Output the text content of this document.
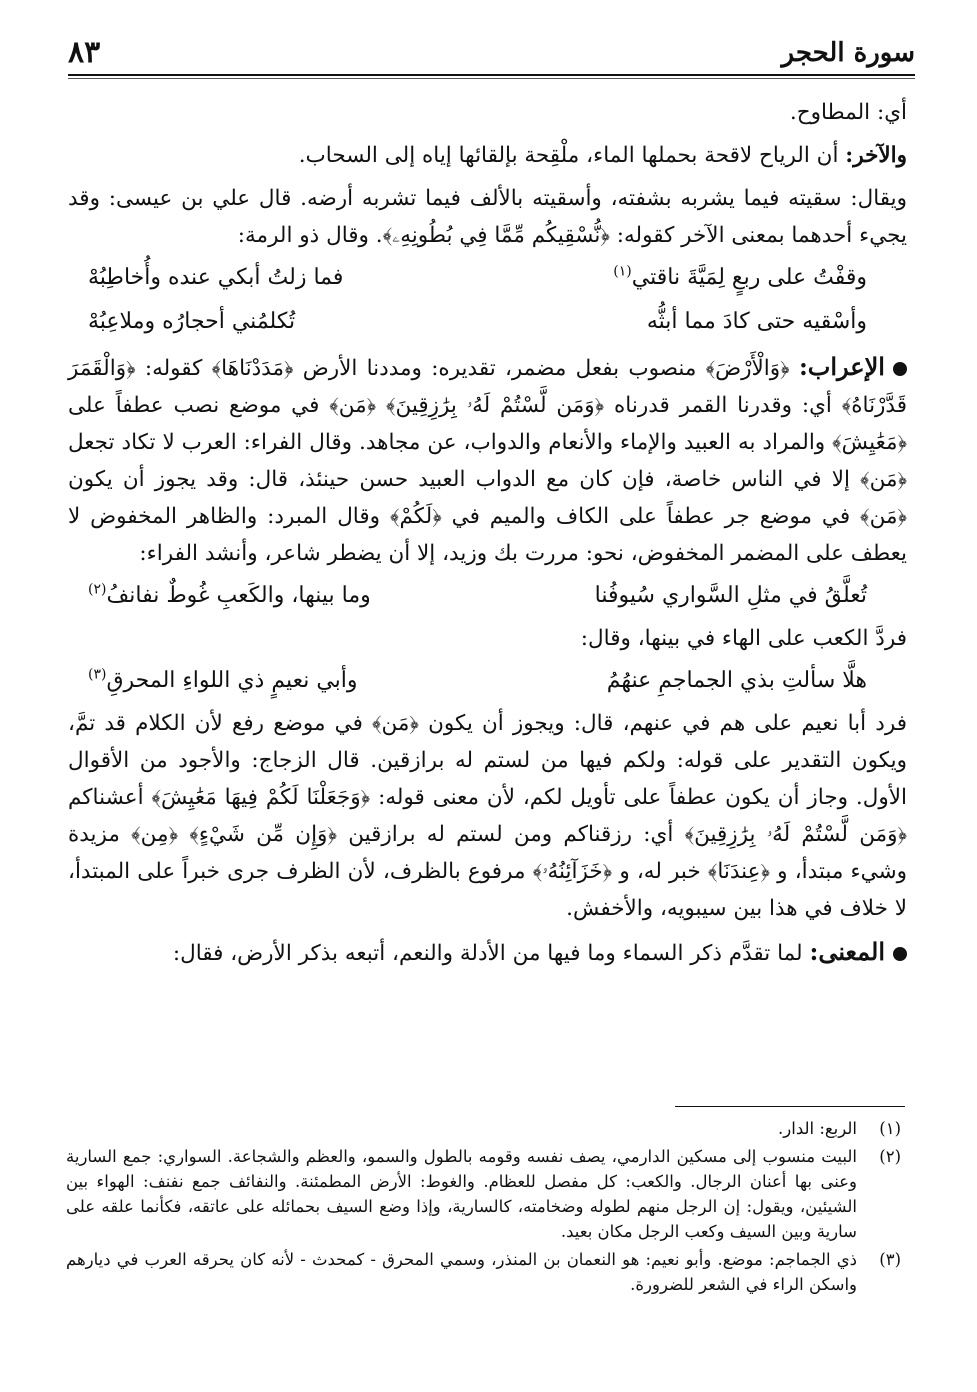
سورة الحجر
٨٣

أي: المطاوح.

والآخر: أن الرياح لاقحة بحملها الماء، ملْقِحة بإلقائها إياه إلى السحاب.

ويقال: سقيته فيما يشربه بشفته، وأسقيته بالألف فيما تشربه أرضه. قال علي بن عيسى: وقد يجيء أحدهما بمعنى الآخر كقوله: ﴿نُّسْقِيكُم مِّمَّا فِي بُطُونِهِۦ﴾. وقال ذو الرمة:

وقفْتُ على ربعٍ لِمَيَّةَ ناقتي$^{(١)}$
فما زلتُ أبكي عنده وأُخاطِبُهْ
وأسْقيه حتى كادَ مما أبثُّه
تُكلمُني أحجارُه وملاعِبُهْ

الإعراب: ﴿وَالْأَرْضَ﴾ منصوب بفعل مضمر، تقديره: ومددنا الأرض ﴿مَدَدْنَاهَا﴾ كقوله: ﴿وَالْقَمَرَ قَدَّرْنَاهُ﴾ أي: وقدرنا القمر قدرناه ﴿وَمَن لَّسْتُمْ لَهُۥ بِرَٰزِقِينَ﴾ ﴿مَن﴾ في موضع نصب عطفاً على ﴿مَعَٰيِشَ﴾ والمراد به العبيد والإماء والأنعام والدواب، عن مجاهد. وقال الفراء: العرب لا تكاد تجعل ﴿مَن﴾ إلا في الناس خاصة، فإن كان مع الدواب العبيد حسن حينئذ، قال: وقد يجوز أن يكون ﴿مَن﴾ في موضع جر عطفاً على الكاف والميم في ﴿لَكُمْ﴾ وقال المبرد: والظاهر المخفوض لا يعطف على المضمر المخفوض، نحو: مررت بك وزيد، إلا أن يضطر شاعر، وأنشد الفراء:

تُعلَّقُ في مثلِ السَّواري سُيوفُنا
وما بينها، والكَعبِ غُوطٌ نفانفُ$^{(٢)}$

فردَّ الكعب على الهاء في بينها، وقال:

هلَّا سألتِ بذي الجماجمِ عنهُمُ
وأبي نعيمٍ ذي اللواءِ المحرقِ$^{(٣)}$

فرد أبا نعيم على هم في عنهم، قال: ويجوز أن يكون ﴿مَن﴾ في موضع رفع لأن الكلام قد تمَّ، ويكون التقدير على قوله: ولكم فيها من لستم له برازقين. قال الزجاج: والأجود من الأقوال الأول. وجاز أن يكون عطفاً على تأويل لكم، لأن معنى قوله: ﴿وَجَعَلْنَا لَكُمْ فِيهَا مَعَٰيِشَ﴾ أعشناكم ﴿وَمَن لَّسْتُمْ لَهُۥ بِرَٰزِقِينَ﴾ أي: رزقناكم ومن لستم له برازقين ﴿وَإِن مِّن شَيْءٍ﴾ ﴿مِن﴾ مزيدة وشيء مبتدأ، و ﴿عِندَنَا﴾ خبر له، و ﴿خَزَآئِنُهُۥ﴾ مرفوع بالظرف، لأن الظرف جرى خبراً على المبتدأ، لا خلاف في هذا بين سيبويه، والأخفش.

المعنى: لما تقدَّم ذكر السماء وما فيها من الأدلة والنعم، أتبعه بذكر الأرض، فقال:

(١)
الربع: الدار.
(٢)
البيت منسوب إلى مسكين الدارمي، يصف نفسه وقومه بالطول والسمو، والعظم والشجاعة. السواري: جمع السارية وعنى بها أعنان الرجال. والكعب: كل مفصل للعظام. والغوط: الأرض المطمئنة. والنفائف جمع نفنف: الهواء بين الشيئين، ويقول: إن الرجل منهم لطوله وضخامته، كالسارية، وإذا وضع السيف بحمائله على عاتقه، فكأنما علقه على سارية وبين السيف وكعب الرجل مكان بعيد.
(٣)
ذي الجماجم: موضع. وأبو نعيم: هو النعمان بن المنذر، وسمي المحرق - كمحدث - لأنه كان يحرقه العرب في ديارهم واسكن الراء في الشعر للضرورة.
